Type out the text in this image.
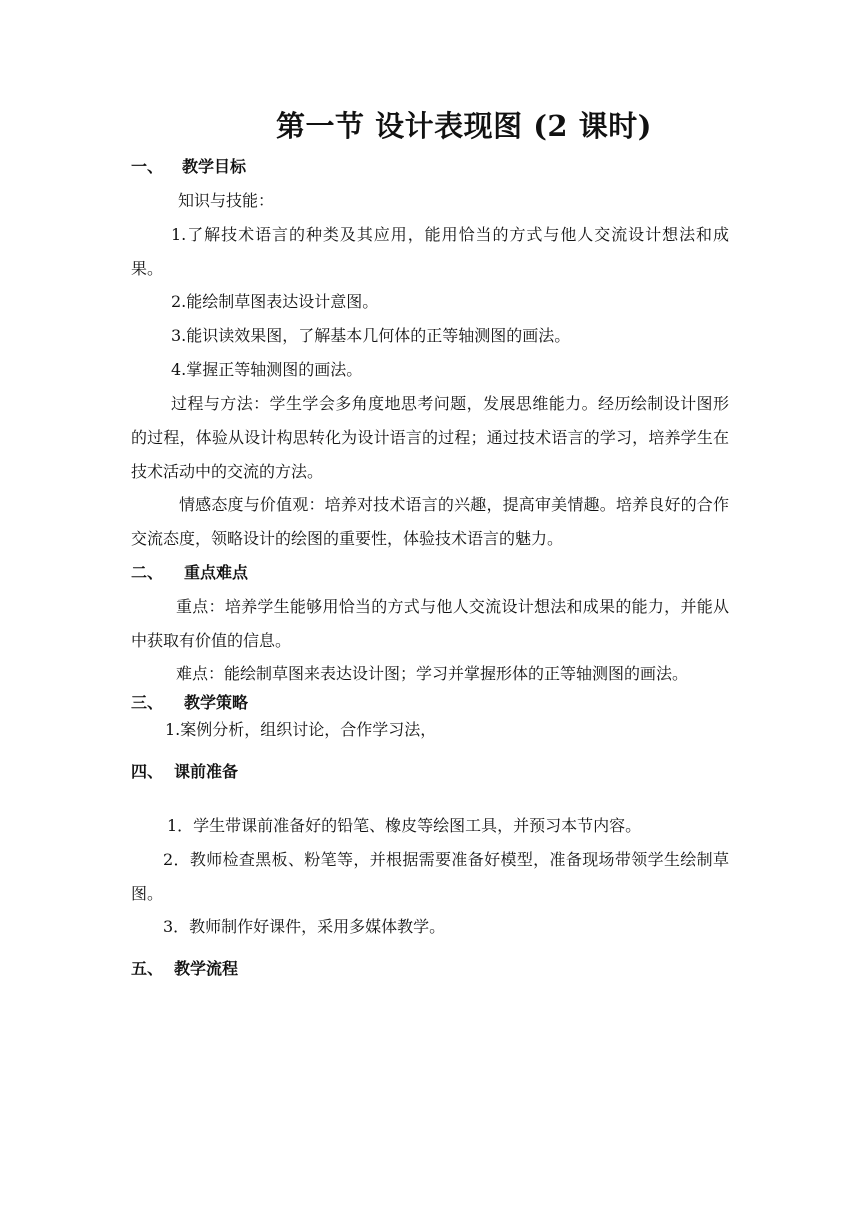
第一节 设计表现图 (2 课时)
一、 教学目标
知识与技能：
1.了解技术语言的种类及其应用，能用恰当的方式与他人交流设计想法和成果。
2.能绘制草图表达设计意图。
3.能识读效果图，了解基本几何体的正等轴测图的画法。
4.掌握正等轴测图的画法。
过程与方法：学生学会多角度地思考问题，发展思维能力。经历绘制设计图形的过程，体验从设计构思转化为设计语言的过程；通过技术语言的学习，培养学生在技术活动中的交流的方法。
情感态度与价值观：培养对技术语言的兴趣，提高审美情趣。培养良好的合作交流态度，领略设计的绘图的重要性，体验技术语言的魅力。
二、 重点难点
重点：培养学生能够用恰当的方式与他人交流设计想法和成果的能力，并能从中获取有价值的信息。
难点：能绘制草图来表达设计图；学习并掌握形体的正等轴测图的画法。
三、 教学策略
1.案例分析，组织讨论，合作学习法，
四、 课前准备
1．学生带课前准备好的铅笔、橡皮等绘图工具，并预习本节内容。
2．教师检查黑板、粉笔等，并根据需要准备好模型，准备现场带领学生绘制草图。
3．教师制作好课件，采用多媒体教学。
五、 教学流程
